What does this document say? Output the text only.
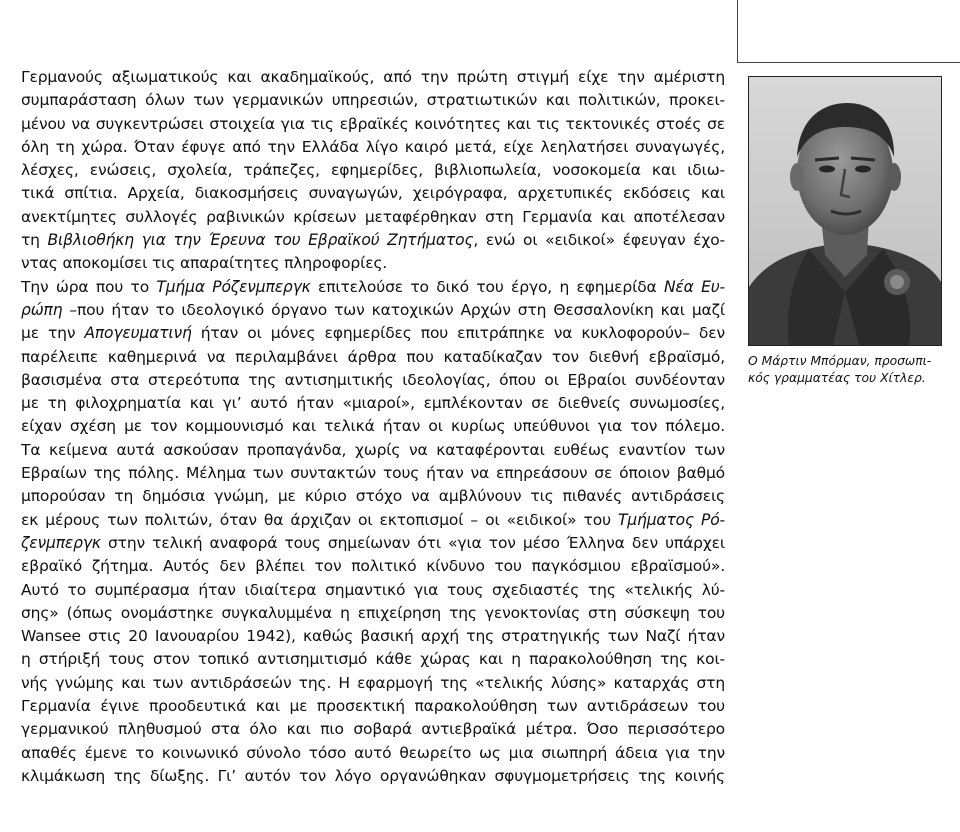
Γερμανούς αξιωματικούς και ακαδημαϊκούς, από την πρώτη στιγμή είχε την αμέριστη
συμπαράσταση όλων των γερμανικών υπηρεσιών, στρατιωτικών και πολιτικών, προκει-
μένου να συγκεντρώσει στοιχεία για τις εβραϊκές κοινότητες και τις τεκτονικές στοές σε
όλη τη χώρα. Όταν έφυγε από την Ελλάδα λίγο καιρό μετά, είχε λεηλατήσει συναγωγές,
λέσχες, ενώσεις, σχολεία, τράπεζες, εφημερίδες, βιβλιοπωλεία, νοσοκομεία και ιδιω-
τικά σπίτια. Αρχεία, διακοσμήσεις συναγωγών, χειρόγραφα, αρχετυπικές εκδόσεις και
ανεκτίμητες συλλογές ραβινικών κρίσεων μεταφέρθηκαν στη Γερμανία και αποτέλεσαν
τη Βιβλιοθήκη για την Έρευνα του Εβραϊκού Ζητήματος, ενώ οι «ειδικοί» έφευγαν έχο-
ντας αποκομίσει τις απαραίτητες πληροφορίες.
Την ώρα που το Τμήμα Ρόζενμπεργκ επιτελούσε το δικό του έργο, η εφημερίδα Νέα Ευ-
ρώπη –που ήταν το ιδεολογικό όργανο των κατοχικών Αρχών στη Θεσσαλονίκη και μαζί
με την Απογευματινή ήταν οι μόνες εφημερίδες που επιτράπηκε να κυκλοφορούν– δεν
παρέλειπε καθημερινά να περιλαμβάνει άρθρα που καταδίκαζαν τον διεθνή εβραϊσμό,
βασισμένα στα στερεότυπα της αντισημιτικής ιδεολογίας, όπου οι Εβραίοι συνδέονταν
με τη φιλοχρηματία και γι’ αυτό ήταν «μιαροί», εμπλέκονταν σε διεθνείς συνωμοσίες,
είχαν σχέση με τον κομμουνισμό και τελικά ήταν οι κυρίως υπεύθυνοι για τον πόλεμο.
Τα κείμενα αυτά ασκούσαν προπαγάνδα, χωρίς να καταφέρονται ευθέως εναντίον των
Εβραίων της πόλης. Μέλημα των συντακτών τους ήταν να επηρεάσουν σε όποιον βαθμό
μπορούσαν τη δημόσια γνώμη, με κύριο στόχο να αμβλύνουν τις πιθανές αντιδράσεις
εκ μέρους των πολιτών, όταν θα άρχιζαν οι εκτοπισμοί – οι «ειδικοί» του Τμήματος Ρό-
ζενμπεργκ στην τελική αναφορά τους σημείωναν ότι «για τον μέσο Έλληνα δεν υπάρχει
εβραϊκό ζήτημα. Αυτός δεν βλέπει τον πολιτικό κίνδυνο του παγκόσμιου εβραϊσμού».
Αυτό το συμπέρασμα ήταν ιδιαίτερα σημαντικό για τους σχεδιαστές της «τελικής λύ-
σης» (όπως ονομάστηκε συγκαλυμμένα η επιχείρηση της γενοκτονίας στη σύσκεψη του
Wansee στις 20 Ιανουαρίου 1942), καθώς βασική αρχή της στρατηγικής των Ναζί ήταν
η στήριξή τους στον τοπικό αντισημιτισμό κάθε χώρας και η παρακολούθηση της κοι-
νής γνώμης και των αντιδράσεών της. Η εφαρμογή της «τελικής λύσης» καταρχάς στη
Γερμανία έγινε προοδευτικά και με προσεκτική παρακολούθηση των αντιδράσεων του
γερμανικού πληθυσμού στα όλο και πιο σοβαρά αντιεβραϊκά μέτρα. Όσο περισσότερο
απαθές έμενε το κοινωνικό σύνολο τόσο αυτό θεωρείτο ως μια σιωπηρή άδεια για την
κλιμάκωση της δίωξης. Γι’ αυτόν τον λόγο οργανώθηκαν σφυγμομετρήσεις της κοινής
Ο Μάρτιν Μπόρμαν, προσωπι-
κός γραμματέας του Χίτλερ.
